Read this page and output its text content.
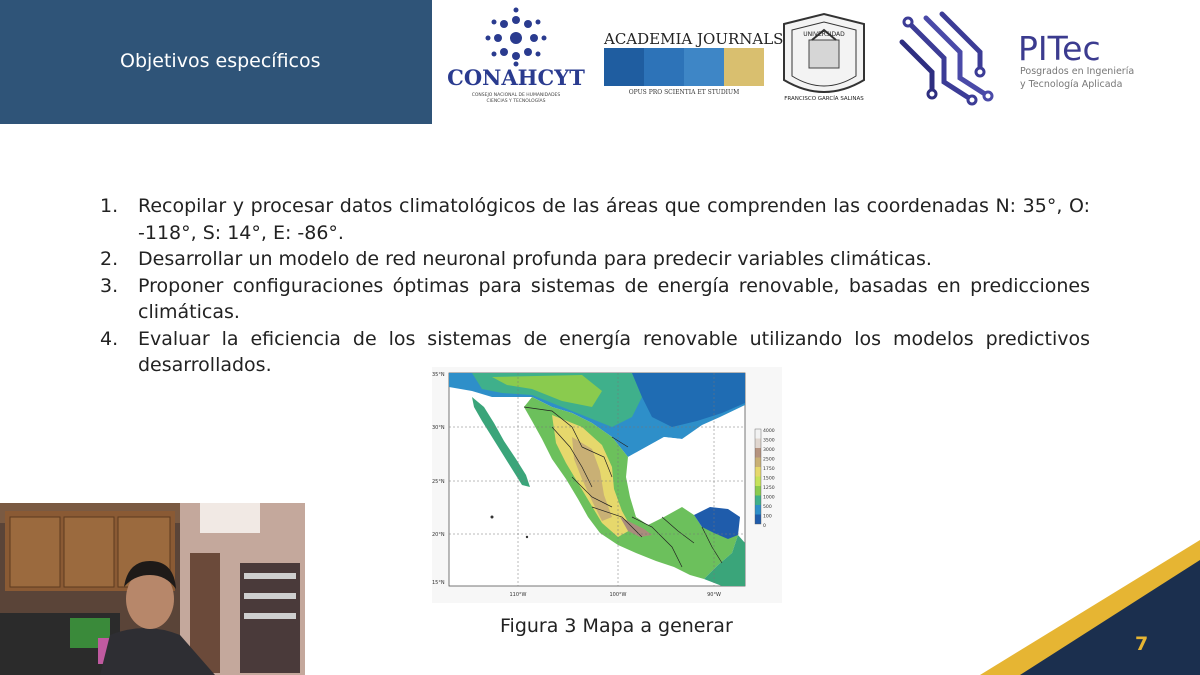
Objetivos específicos
CONAHCYT
CONSEJO NACIONAL DE HUMANIDADES
CIENCIAS Y TECNOLOGÍAS
ACADEMIA JOURNALS
OPUS PRO SCIENTIA ET STUDIUM
UNIVERSIDAD
FRANCISCO GARCÍA SALINAS
PITec
Posgrados en Ingeniería
y Tecnología Aplicada
1. Recopilar y procesar datos climatológicos de las áreas que comprenden las coordenadas N: 35°, O: -118°, S: 14°, E: -86°.
2. Desarrollar un modelo de red neuronal profunda para predecir variables climáticas.
3. Proponer configuraciones óptimas para sistemas de energía renovable, basadas en predicciones climáticas.
4. Evaluar la eficiencia de los sistemas de energía renovable utilizando los modelos predictivos desarrollados.	35°N
30°N
25°N
20°N
15°N
110°W	100°W	90°W
4000
3500
3000
2500
1750
1500
1250
1000
500
100
0
Figura 3 Mapa a generar
7
